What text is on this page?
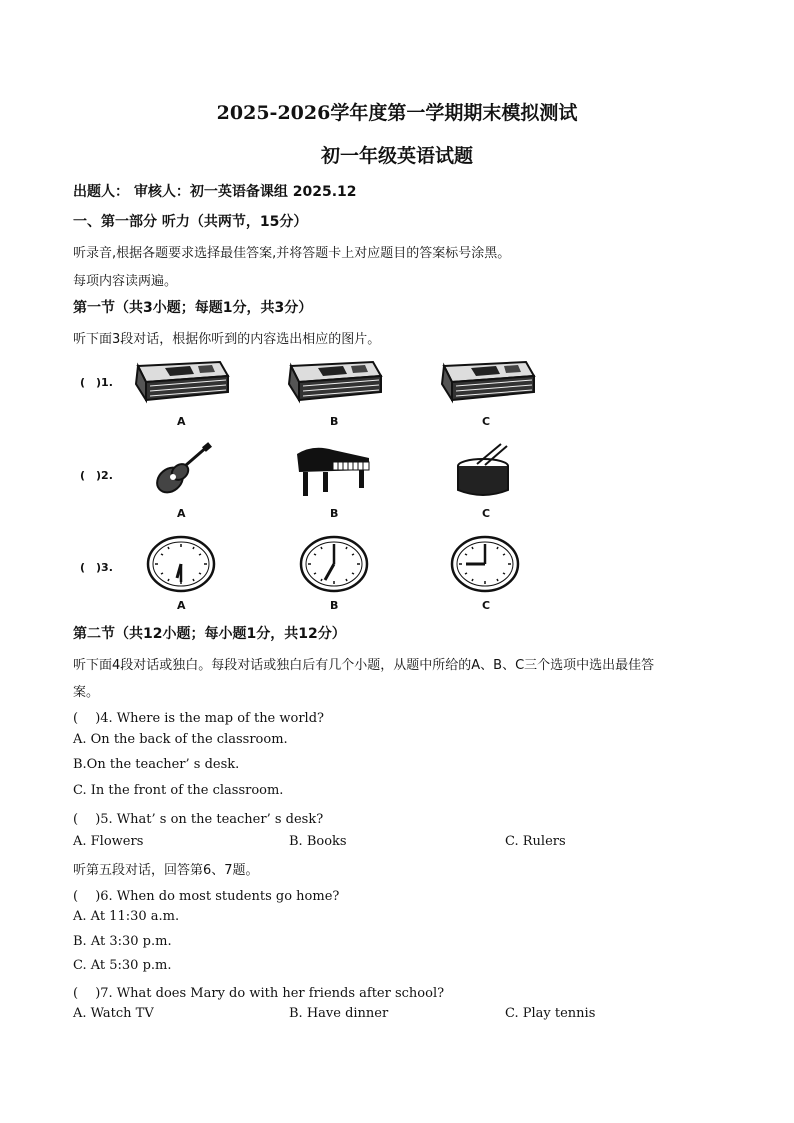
2025-2026学年度第一学期期末模拟测试
初一年级英语试题
出题人： 审核人：初一英语备课组 2025.12
一、第一部分 听力（共两节，15分）
听录音,根据各题要求选择最佳答案,并将答题卡上对应题目的答案标号涂黑。
每项内容读两遍。
第一节（共3小题；每题1分，共3分）
听下面3段对话，根据你听到的内容选出相应的图片。
(　)1.
A	B	C
(　)2.
A	B	C
(　)3.
A	B	C
第二节（共12小题；每小题1分，共12分）
听下面4段对话或独白。每段对话或独白后有几个小题，从题中所给的A、B、C三个选项中选出最佳答
案。
(　 )4. Where is the map of the world?
A. On the back of the classroom.
B.On the teacher’ s desk.
C. In the front of the classroom.
(　 )5. What’ s on the teacher’ s desk?
A. Flowers	B. Books	C. Rulers
听第五段对话，回答第6、7题。
(　 )6. When do most students go home?
A. At 11:30 a.m.
B. At 3:30 p.m.
C. At 5:30 p.m.
(　 )7. What does Mary do with her friends after school?
A. Watch TV	B. Have dinner	C. Play tennis
